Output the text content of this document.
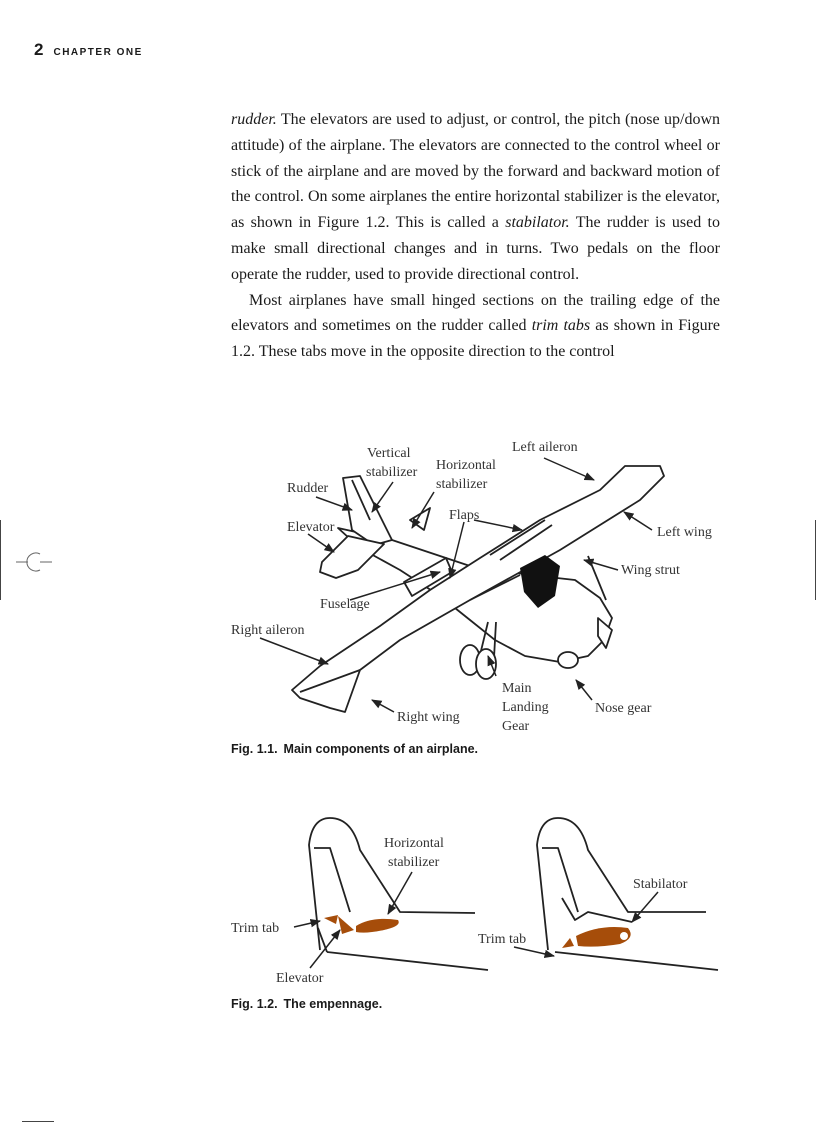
2 CHAPTER ONE

rudder. The elevators are used to adjust, or control, the pitch (nose up/down attitude) of the airplane. The elevators are connected to the control wheel or stick of the airplane and are moved by the forward and backward motion of the control. On some airplanes the entire horizontal stabilizer is the elevator, as shown in Figure 1.2. This is called a stabilator. The rudder is used to make small directional changes and in turns. Two pedals on the floor operate the rudder, used to provide directional control.

Most airplanes have small hinged sections on the trailing edge of the elevators and sometimes on the rudder called trim tabs as shown in Figure 1.2. These tabs move in the opposite direction to the control

Vertical
stabilizer Horizontal
stabilizer
Left aileron
Rudder
Flaps
Elevator	Left wing
Wing strut
Fuselage
Right aileron
Main
Landing
Gear
Nose gear
Right wing
Fig. 1.1. Main components of an airplane.
Horizontal
stabilizer
Trim tab
Elevator
Stabilator
Trim tab
Fig. 1.2. The empennage.
